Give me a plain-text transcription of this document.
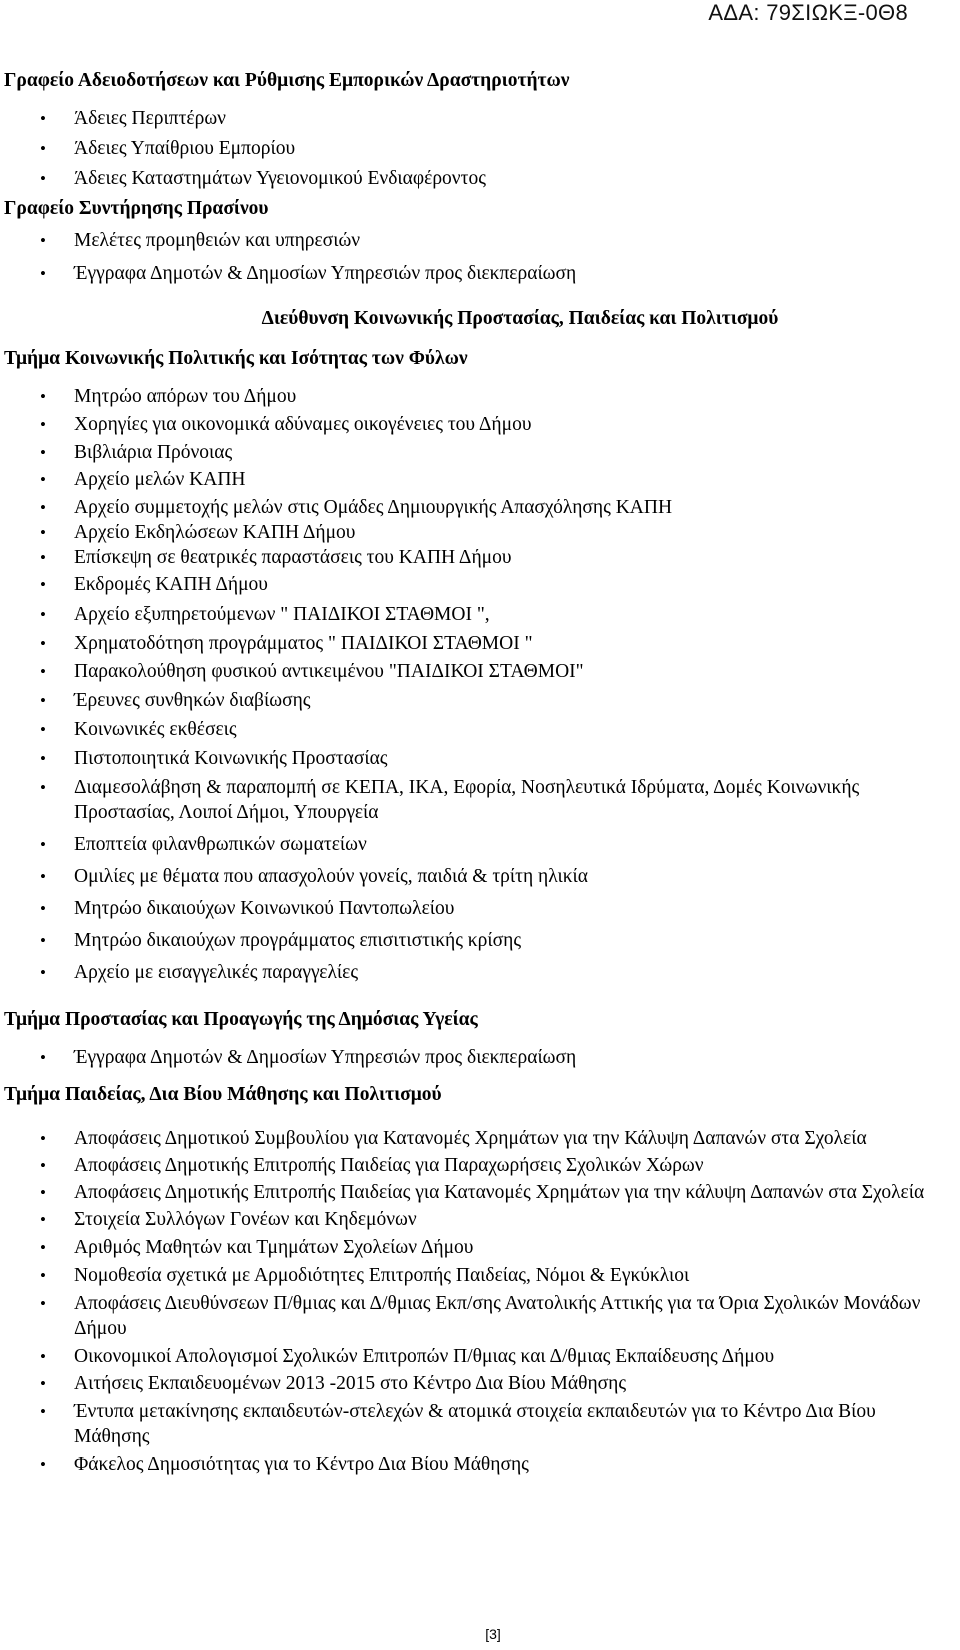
ΑΔΑ: 79ΣΙΩΚΞ-0Θ8

Γραφείο Αδειοδοτήσεων και Ρύθμισης Εμπορικών Δραστηριοτήτων

• Άδειες Περιπτέρων
• Άδειες Υπαίθριου Εμπορίου
• Άδειες Καταστημάτων Υγειονομικού Ενδιαφέροντος

Γραφείο Συντήρησης Πρασίνου

• Μελέτες προμηθειών και υπηρεσιών
• Έγγραφα Δημοτών & Δημοσίων Υπηρεσιών προς διεκπεραίωση

Διεύθυνση Κοινωνικής Προστασίας, Παιδείας και Πολιτισμού

Τμήμα Κοινωνικής Πολιτικής και Ισότητας των Φύλων

• Μητρώο απόρων του Δήμου
• Χορηγίες για οικονομικά αδύναμες οικογένειες του Δήμου
• Βιβλιάρια Πρόνοιας
• Αρχείο μελών ΚΑΠΗ
• Αρχείο συμμετοχής μελών στις Ομάδες Δημιουργικής Απασχόλησης ΚΑΠΗ
• Αρχείο Εκδηλώσεων ΚΑΠΗ Δήμου
• Επίσκεψη σε θεατρικές παραστάσεις του ΚΑΠΗ Δήμου
• Εκδρομές ΚΑΠΗ Δήμου
• Αρχείο εξυπηρετούμενων " ΠΑΙΔΙΚΟΙ ΣΤΑΘΜΟΙ ",
• Χρηματοδότηση προγράμματος " ΠΑΙΔΙΚΟΙ ΣΤΑΘΜΟΙ "
• Παρακολούθηση φυσικού αντικειμένου "ΠΑΙΔΙΚΟΙ ΣΤΑΘΜΟΙ"
• Έρευνες συνθηκών διαβίωσης
• Κοινωνικές εκθέσεις
• Πιστοποιητικά Κοινωνικής Προστασίας
• Διαμεσολάβηση & παραπομπή σε ΚΕΠΑ, ΙΚΑ, Εφορία, Νοσηλευτικά Ιδρύματα, Δομές Κοινωνικής Προστασίας, Λοιποί Δήμοι, Υπουργεία
• Εποπτεία φιλανθρωπικών σωματείων
• Ομιλίες με θέματα που απασχολούν γονείς, παιδιά & τρίτη ηλικία
• Μητρώο δικαιούχων Κοινωνικού Παντοπωλείου
• Μητρώο δικαιούχων προγράμματος επισιτιστικής κρίσης
• Αρχείο με εισαγγελικές παραγγελίες

Τμήμα Προστασίας και Προαγωγής της Δημόσιας Υγείας

• Έγγραφα Δημοτών & Δημοσίων Υπηρεσιών προς διεκπεραίωση

Τμήμα Παιδείας, Δια Βίου Μάθησης και Πολιτισμού

• Αποφάσεις Δημοτικού Συμβουλίου για Κατανομές Χρημάτων για την Κάλυψη Δαπανών στα Σχολεία
• Αποφάσεις Δημοτικής Επιτροπής Παιδείας για Παραχωρήσεις Σχολικών Χώρων
• Αποφάσεις Δημοτικής Επιτροπής Παιδείας για Κατανομές Χρημάτων για την κάλυψη Δαπανών στα Σχολεία
• Στοιχεία Συλλόγων Γονέων και Κηδεμόνων
• Αριθμός Μαθητών και Τμημάτων Σχολείων Δήμου
• Νομοθεσία σχετικά με Αρμοδιότητες Επιτροπής Παιδείας, Νόμοι & Εγκύκλιοι
• Αποφάσεις Διευθύνσεων Π/θμιας και Δ/θμιας Εκπ/σης Ανατολικής Αττικής για τα Όρια Σχολικών Μονάδων Δήμου
• Οικονομικοί Απολογισμοί Σχολικών Επιτροπών Π/θμιας και Δ/θμιας Εκπαίδευσης Δήμου
• Αιτήσεις Εκπαιδευομένων 2013 -2015 στο Κέντρο Δια Βίου Μάθησης
• Έντυπα μετακίνησης εκπαιδευτών-στελεχών & ατομικά στοιχεία εκπαιδευτών για το Κέντρο Δια Βίου Μάθησης
• Φάκελος Δημοσιότητας για το Κέντρο Δια Βίου Μάθησης
[3]
